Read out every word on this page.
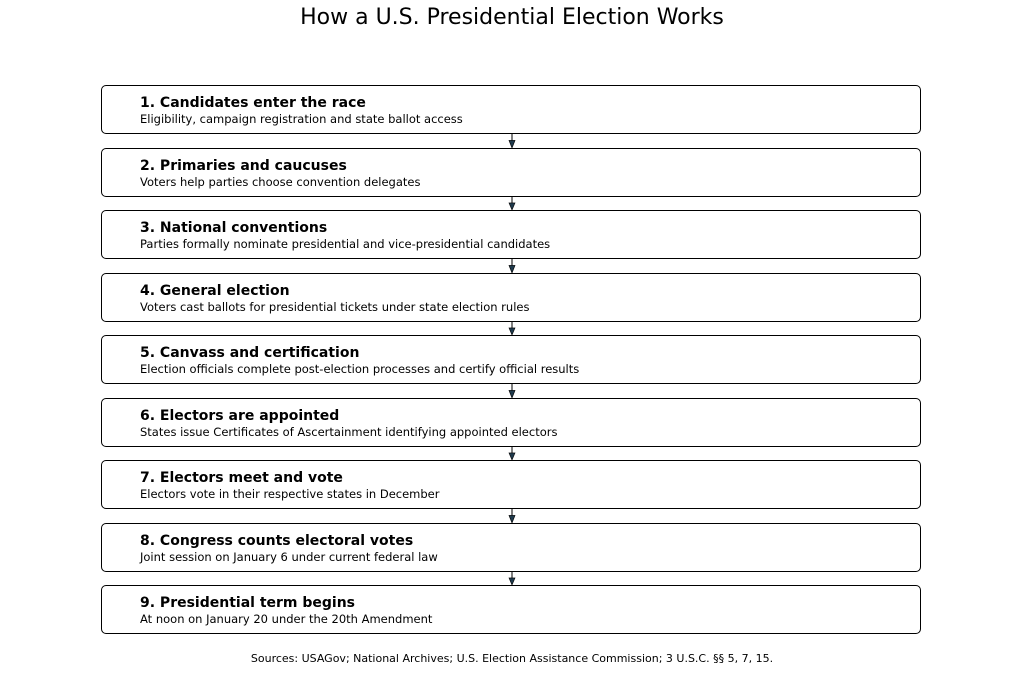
How a U.S. Presidential Election Works
1. Candidates enter the race
Eligibility, campaign registration and state ballot access
2. Primaries and caucuses
Voters help parties choose convention delegates
3. National conventions
Parties formally nominate presidential and vice-presidential candidates
4. General election
Voters cast ballots for presidential tickets under state election rules
5. Canvass and certification
Election officials complete post-election processes and certify official results
6. Electors are appointed
States issue Certificates of Ascertainment identifying appointed electors
7. Electors meet and vote
Electors vote in their respective states in December
8. Congress counts electoral votes
Joint session on January 6 under current federal law
9. Presidential term begins
At noon on January 20 under the 20th Amendment
Sources: USAGov; National Archives; U.S. Election Assistance Commission; 3 U.S.C. §§ 5, 7, 15.
